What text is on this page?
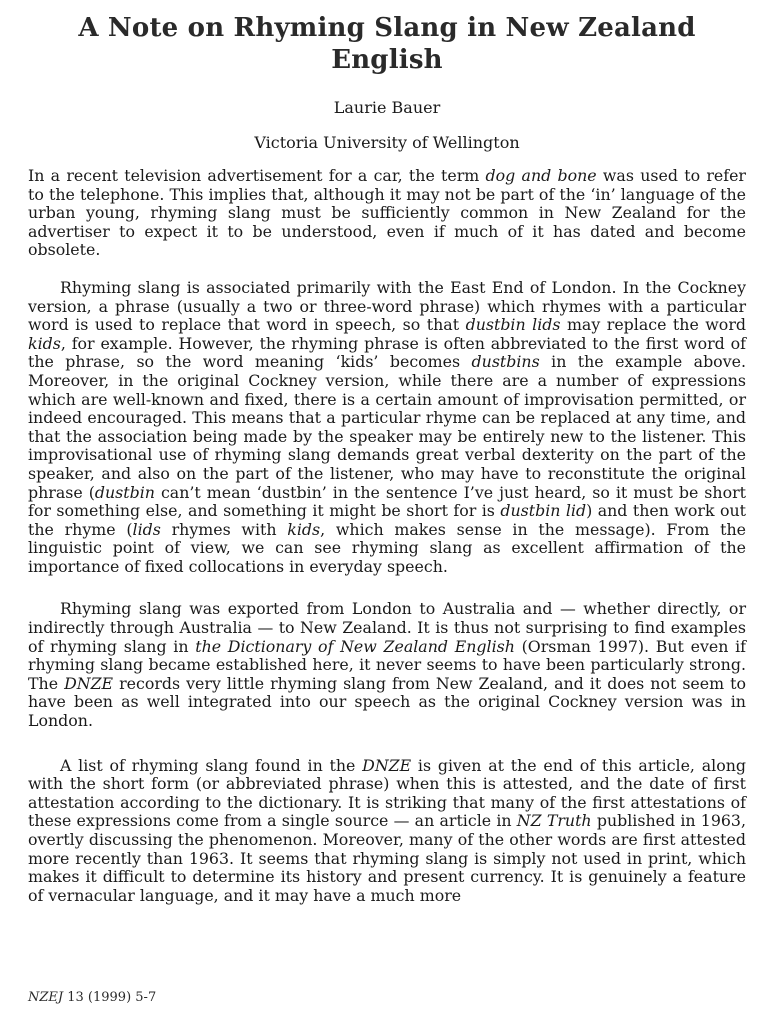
A Note on Rhyming Slang in New Zealand English
Laurie Bauer
Victoria University of Wellington

In a recent television advertisement for a car, the term dog and bone was used to refer to the telephone. This implies that, although it may not be part of the ‘in’ language of the urban young, rhyming slang must be sufficiently common in New Zealand for the advertiser to expect it to be understood, even if much of it has dated and become obsolete.

Rhyming slang is associated primarily with the East End of London. In the Cockney version, a phrase (usually a two or three-word phrase) which rhymes with a particular word is used to replace that word in speech, so that dustbin lids may replace the word kids, for example. However, the rhyming phrase is often abbreviated to the first word of the phrase, so the word meaning ‘kids’ becomes dustbins in the example above. Moreover, in the original Cockney version, while there are a number of expressions which are well-known and fixed, there is a certain amount of improvisation permitted, or indeed encouraged. This means that a particular rhyme can be replaced at any time, and that the association being made by the speaker may be entirely new to the listener. This improvisational use of rhyming slang demands great verbal dexterity on the part of the speaker, and also on the part of the listener, who may have to reconstitute the original phrase (dustbin can’t mean ‘dustbin’ in the sentence I’ve just heard, so it must be short for something else, and something it might be short for is dustbin lid) and then work out the rhyme (lids rhymes with kids, which makes sense in the message). From the linguistic point of view, we can see rhyming slang as excellent affirmation of the importance of fixed collocations in everyday speech.

Rhyming slang was exported from London to Australia and — whether directly, or indirectly through Australia — to New Zealand. It is thus not surprising to find examples of rhyming slang in the Dictionary of New Zealand English (Orsman 1997). But even if rhyming slang became established here, it never seems to have been particularly strong. The DNZE records very little rhyming slang from New Zealand, and it does not seem to have been as well integrated into our speech as the original Cockney version was in London.

A list of rhyming slang found in the DNZE is given at the end of this article, along with the short form (or abbreviated phrase) when this is attested, and the date of first attestation according to the dictionary. It is striking that many of the first attestations of these expressions come from a single source — an article in NZ Truth published in 1963, overtly discussing the phenomenon. Moreover, many of the other words are first attested more recently than 1963. It seems that rhyming slang is simply not used in print, which makes it difficult to determine its history and present currency. It is genuinely a feature of vernacular language, and it may have a much more

NZEJ 13 (1999) 5-7
